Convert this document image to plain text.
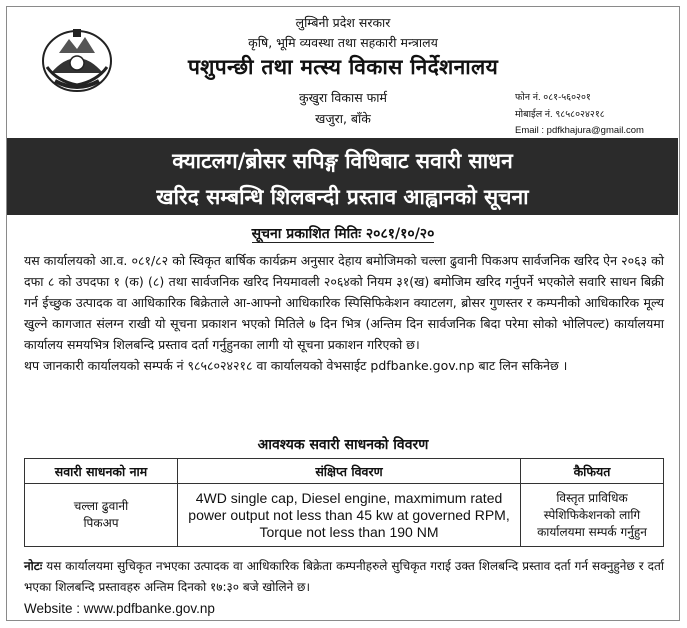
लुम्बिनी प्रदेश सरकार
कृषि, भूमि व्यवस्था तथा सहकारी मन्त्रालय
पशुपन्छी तथा मत्स्य विकास निर्देशनालय
कुखुरा विकास फार्म
खजुरा, बाँके
फोन नं. ०८१-५६०२०१
मोबाईल नं. ९८५८०२४२१८
Email : pdfkhajura@gmail.com
क्याटलग/ब्रोसर सपिङ्ग विधिबाट सवारी साधन
खरिद सम्बन्धि शिलबन्दी प्रस्ताव आह्वानको सूचना
सूचना प्रकाशित मितिः २०८१/१०/२०
यस कार्यालयको आ.व. ०८१/८२ को स्विकृत बार्षिक कार्यक्रम अनुसार देहाय बमोजिमको चल्ला ढुवानी पिकअप सार्वजनिक खरिद ऐन २०६३ को दफा ८ को उपदफा १ (क) (८) तथा सार्वजनिक खरिद नियमावली २०६४को नियम ३१(ख) बमोजिम खरिद गर्नुपर्ने भएकोले सवारि साधन बिक्री गर्न ईच्छुक उत्पादक वा आधिकारिक बिक्रेताले आ-आफ्नो आधिकारिक स्पिसिफिकेशन क्याटलग, ब्रोसर गुणस्तर र कम्पनीको आधिकारिक मूल्य खुल्ने कागजात संलग्न राखी यो सूचना प्रकाशन भएको मितिले ७ दिन भित्र (अन्तिम दिन सार्वजनिक बिदा परेमा सोको भोलिपल्ट) कार्यालयमा कार्यालय समयभित्र शिलबन्दि प्रस्ताव दर्ता गर्नुहुनका लागी यो सूचना प्रकाशन गरिएको छ।
थप जानकारी कार्यालयको सम्पर्क नं ९८५८०२४२१८ वा कार्यालयको वेभसाईट pdfbanke.gov.np बाट लिन सकिनेछ ।
आवश्यक सवारी साधनको विवरण
सवारी साधनको नाम	संक्षिप्त विवरण	कैफियत

चल्ला ढुवानी पिकअप	4WD single cap, Diesel engine, maxmimum rated power output not less than 45 kw at governed RPM, Torque not less than 190 NM	विस्तृत प्राविधिक स्पेशिफिकेशनको लागि कार्यालयमा सम्पर्क गर्नुहुन
नोटः यस कार्यालयमा सुचिकृत नभएका उत्पादक वा आधिकारिक बिक्रेता कम्पनीहरुले सुचिकृत गराई उक्त शिलबन्दि प्रस्ताव दर्ता गर्न सक्नुहुनेछ र दर्ता भएका शिलबन्दि प्रस्तावहरु अन्तिम दिनको १७:३० बजे खोलिने छ।
Website : www.pdfbanke.gov.np
